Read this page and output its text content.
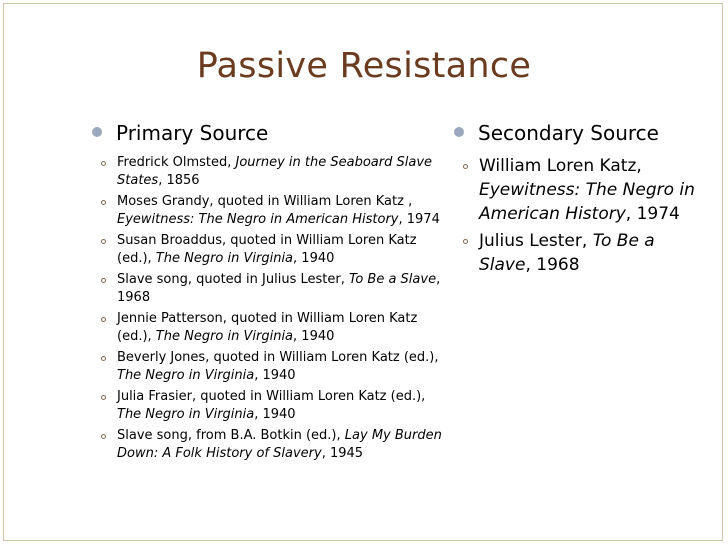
Passive Resistance
Primary Source
Fredrick Olmsted, Journey in the Seaboard Slave States, 1856
Moses Grandy, quoted in William Loren Katz , Eyewitness: The Negro in American History, 1974
Susan Broaddus, quoted in William Loren Katz (ed.), The Negro in Virginia, 1940
Slave song, quoted in Julius Lester, To Be a Slave, 1968
Jennie Patterson, quoted in William Loren Katz (ed.), The Negro in Virginia, 1940
Beverly Jones, quoted in William Loren Katz (ed.), The Negro in Virginia, 1940
Julia Frasier, quoted in William Loren Katz (ed.), The Negro in Virginia, 1940
Slave song, from B.A. Botkin (ed.), Lay My Burden Down: A Folk History of Slavery, 1945
Secondary Source
William Loren Katz, Eyewitness: The Negro in American History, 1974
Julius Lester, To Be a Slave, 1968
